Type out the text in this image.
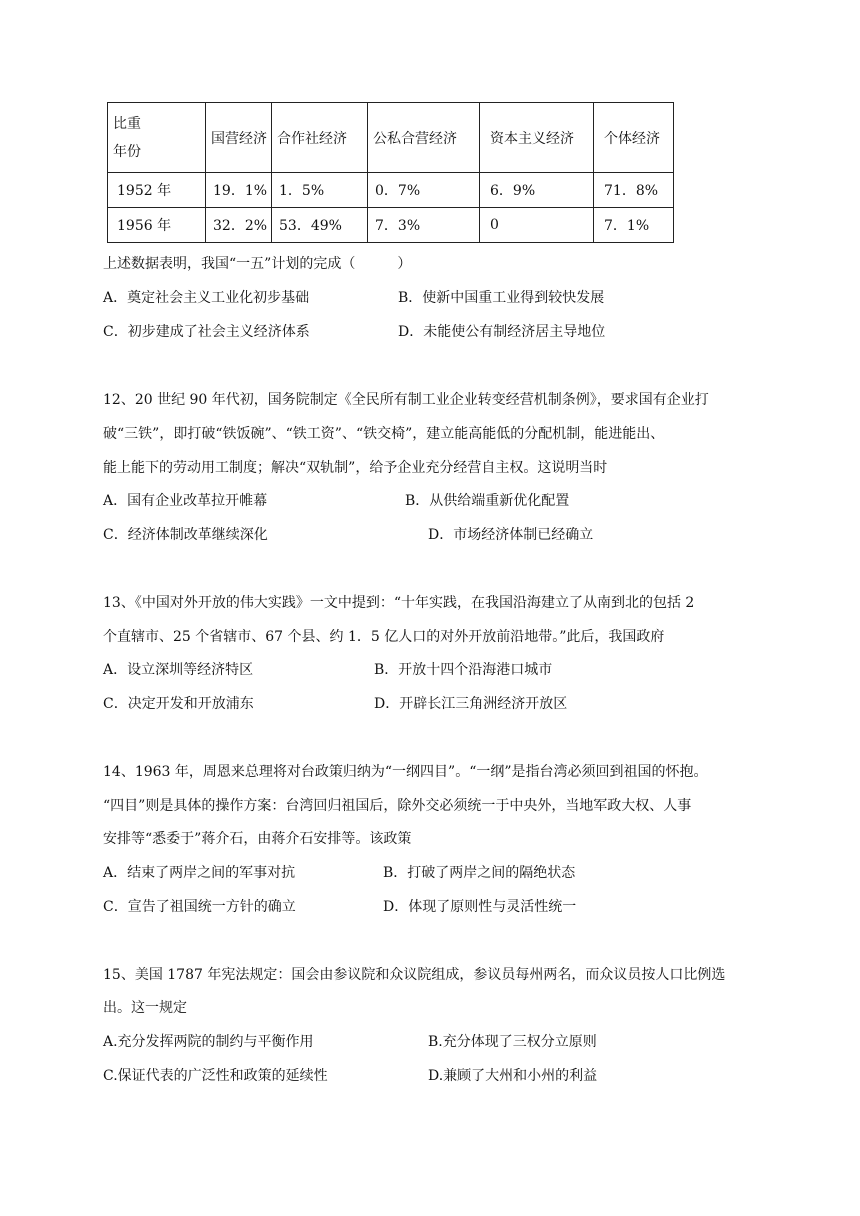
比重
年份	国营经济	合作社经济	公私合营经济	资本主义经济	个体经济
1952 年	19．1%	1．5%	0．7%	6．9%	71．8%
1956 年	32．2%	53．49%	7．3%	0	7．1%
上述数据表明，我国“一五”计划的完成（　　　）
A．奠定社会主义工业化初步基础	B．使新中国重工业得到较快发展
C．初步建成了社会主义经济体系	D．未能使公有制经济居主导地位
12、20 世纪 90 年代初，国务院制定《全民所有制工业企业转变经营机制条例》，要求国有企业打
破“三铁”，即打破“铁饭碗”、“铁工资”、“铁交椅”，建立能高能低的分配机制，能进能出、
能上能下的劳动用工制度；解决“双轨制”，给予企业充分经营自主权。这说明当时
A．国有企业改革拉开帷幕	B．从供给端重新优化配置
C．经济体制改革继续深化	D．市场经济体制已经确立
13、《中国对外开放的伟大实践》一文中提到：“十年实践，在我国沿海建立了从南到北的包括 2
个直辖市、25 个省辖市、67 个县、约 1．5 亿人口的对外开放前沿地带。”此后，我国政府
A．设立深圳等经济特区	B．开放十四个沿海港口城市
C．决定开发和开放浦东	D．开辟长江三角洲经济开放区
14、1963 年，周恩来总理将对台政策归纳为“一纲四目”。“一纲”是指台湾必须回到祖国的怀抱。
“四目”则是具体的操作方案：台湾回归祖国后，除外交必须统一于中央外，当地军政大权、人事
安排等“悉委于”蒋介石，由蒋介石安排等。该政策
A．结束了两岸之间的军事对抗	B．打破了两岸之间的隔绝状态
C．宣告了祖国统一方针的确立	D．体现了原则性与灵活性统一
15、美国 1787 年宪法规定：国会由参议院和众议院组成，参议员每州两名，而众议员按人口比例选
出。这一规定
A.充分发挥两院的制约与平衡作用	B.充分体现了三权分立原则
C.保证代表的广泛性和政策的延续性	D.兼顾了大州和小州的利益
